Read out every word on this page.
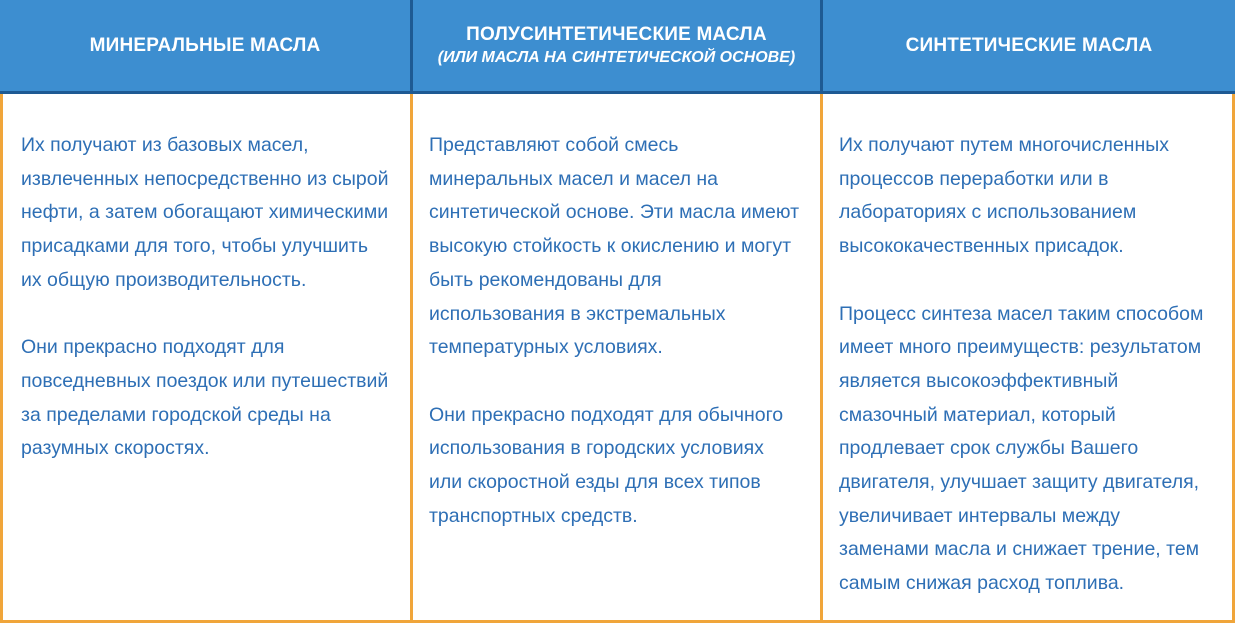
МИНЕРАЛЬНЫЕ МАСЛА	ПОЛУСИНТЕТИЧЕСКИЕ МАСЛА
(ИЛИ МАСЛА НА СИНТЕТИЧЕСКОЙ ОСНОВЕ)
СИНТЕТИЧЕСКИЕ МАСЛА

Их получают из базовых масел, извлеченных непосредственно из сырой нефти, а затем обогащают химическими присадками для того, чтобы улучшить их общую производительность.

Они прекрасно подходят для повседневных поездок или путешествий за пределами городской среды на разумных скоростях.

Представляют собой смесь минеральных масел и масел на синтетической основе. Эти масла имеют высокую стойкость к окислению и могут быть рекомендованы для использования в экстремальных температурных условиях.

Они прекрасно подходят для обычного использования в городских условиях или скоростной езды для всех типов транспортных средств.

Их получают путем многочисленных процессов переработки или в лабораториях с использованием высококачественных присадок.

Процесс синтеза масел таким способом имеет много преимуществ: результатом является высокоэффективный смазочный материал, который продлевает срок службы Вашего двигателя, улучшает защиту двигателя, увеличивает интервалы между заменами масла и снижает трение, тем самым снижая расход топлива.
